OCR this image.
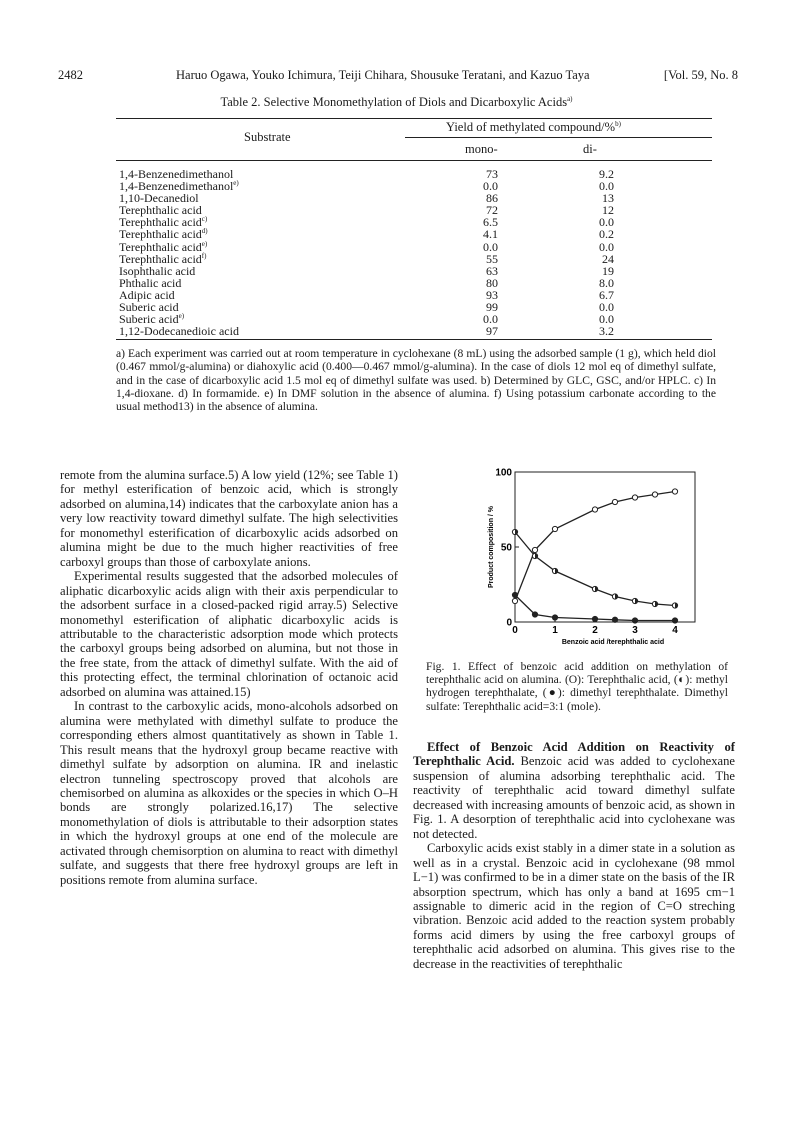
2482	Haruo Ogawa, Youko Ichimura, Teiji Chihara, Shousuke Teratani, and Kazuo Taya	[Vol. 59, No. 8
Table 2. Selective Monomethylation of Diols and Dicarboxylic Acids$^{a)}$
Substrate
Yield of methylated compound/%$^{b)}$
mono-	di-
1,4-Benzenedimethanol	73	9.2
1,4-Benzenedimethanol$^{e)}$	0.0	0.0
1,10-Decanediol	86	13
Terephthalic acid	72	12
Terephthalic acid$^{c)}$	6.5	0.0
Terephthalic acid$^{d)}$	4.1	0.2
Terephthalic acid$^{e)}$	0.0	0.0
Terephthalic acid$^{f)}$	55	24
Isophthalic acid	63	19
Phthalic acid	80	8.0
Adipic acid	93	6.7
Suberic acid	99	0.0
Suberic acid$^{e)}$	0.0	0.0
1,12-Dodecanedioic acid	97	3.2
a) Each experiment was carried out at room temperature in cyclohexane (8 mL) using the adsorbed sample (1 g), which held diol (0.467 mmol/g-alumina) or diahoxylic acid (0.400—0.467 mmol/g-alumina). In the case of diols 12 mol eq of dimethyl sulfate, and in the case of dicarboxylic acid 1.5 mol eq of dimethyl sulfate was used. b) Determined by GLC, GSC, and/or HPLC. c) In 1,4-dioxane. d) In formamide. e) In DMF solution in the absence of alumina. f) Using potassium carbonate according to the usual method13) in the absence of alumina.

remote from the alumina surface.5) A low yield (12%; see Table 1) for methyl esterification of benzoic acid, which is strongly adsorbed on alumina,14) indicates that the carboxylate anion has a very low reactivity toward dimethyl sulfate. The high selectivities for monomethyl esterification of dicarboxylic acids adsorbed on alumina might be due to the much higher reactivities of free carboxyl groups than those of carboxylate anions.

Experimental results suggested that the adsorbed molecules of aliphatic dicarboxylic acids align with their axis perpendicular to the adsorbent surface in a closed-packed rigid array.5) Selective monomethyl esterification of aliphatic dicarboxylic acids is attributable to the characteristic adsorption mode which protects the carboxyl groups being adsorbed on alumina, but not those in the free state, from the attack of dimethyl sulfate. With the aid of this protecting effect, the terminal chlorination of octanoic acid adsorbed on alumina was attained.15)

In contrast to the carboxylic acids, mono-alcohols adsorbed on alumina were methylated with dimethyl sulfate to produce the corresponding ethers almost quantitatively as shown in Table 1. This result means that the hydroxyl group became reactive with dimethyl sulfate by adsorption on alumina. IR and inelastic electron tunneling spectroscopy proved that alcohols are chemisorbed on alumina as alkoxides or the species in which O–H bonds are strongly polarized.16,17) The selective monomethylation of diols is attributable to their adsorption states in which the hydroxyl groups at one end of the molecule are activated through chemisorption on alumina to react with dimethyl sulfate, and suggests that there free hydroxyl groups are left in positions remote from alumina surface.

0	1	2	3	4
0
50
100
Benzoic acid /terephthalic acid
Product composition / %
Fig. 1. Effect of benzoic acid addition on methylation of terephthalic acid on alumina. (O): Terephthalic acid, (◐): methyl hydrogen terephthalate, (●): dimethyl terephthalate. Dimethyl sulfate: Terephthalic acid=3:1 (mole).

Effect of Benzoic Acid Addition on Reactivity of Terephthalic Acid. Benzoic acid was added to cyclohexane suspension of alumina adsorbing terephthalic acid. The reactivity of terephthalic acid toward dimethyl sulfate decreased with increasing amounts of benzoic acid, as shown in Fig. 1. A desorption of terephthalic acid into cyclohexane was not detected.

Carboxylic acids exist stably in a dimer state in a solution as well as in a crystal. Benzoic acid in cyclohexane (98 mmol L−1) was confirmed to be in a dimer state on the basis of the IR absorption spectrum, which has only a band at 1695 cm−1 assignable to dimeric acid in the region of C=O streching vibration. Benzoic acid added to the reaction system probably forms acid dimers by using the free carboxyl groups of terephthalic acid adsorbed on alumina. This gives rise to the decrease in the reactivities of terephthalic
